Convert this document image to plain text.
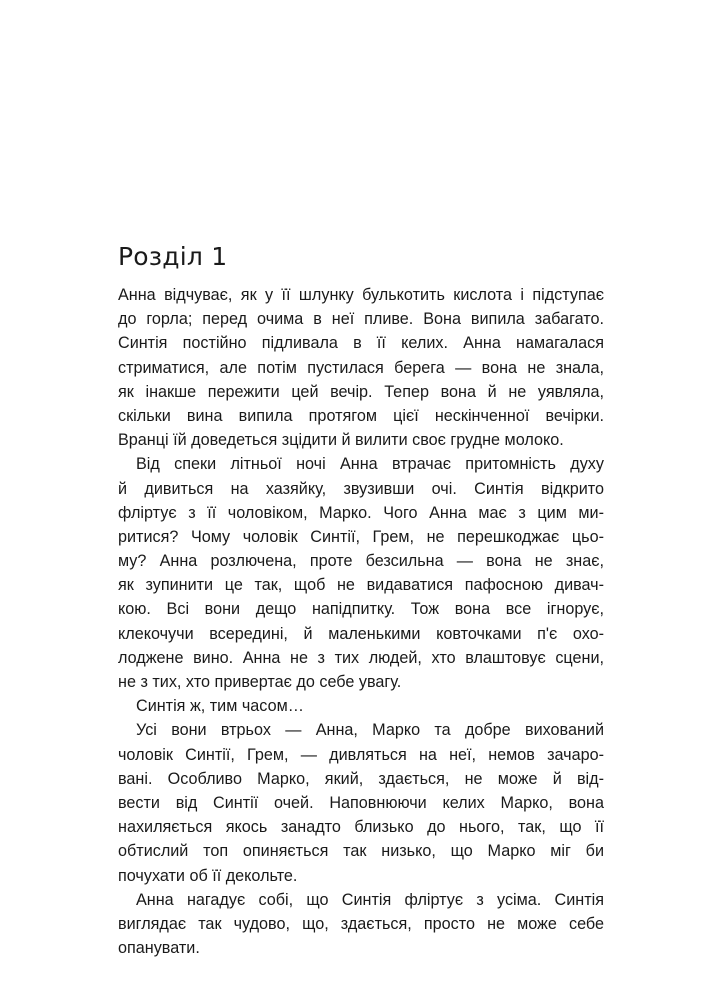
Розділ 1
Анна відчуває, як у її шлунку булькотить кислота і підступає
до горла; перед очима в неї пливе. Вона випила забагато.
Синтія постійно підливала в її келих. Анна намагалася
стриматися, але потім пустилася берега — вона не знала,
як інакше пережити цей вечір. Тепер вона й не уявляла,
скільки вина випила протягом цієї нескінченної вечірки.
Вранці їй доведеться зцідити й вилити своє грудне молоко.
Від спеки літньої ночі Анна втрачає притомність духу
й дивиться на хазяйку, звузивши очі. Синтія відкрито
фліртує з її чоловіком, Марко. Чого Анна має з цим ми-
ритися? Чому чоловік Синтії, Грем, не перешкоджає цьо-
му? Анна розлючена, проте безсильна — вона не знає,
як зупинити це так, щоб не видаватися пафосною дивач-
кою. Всі вони дещо напідпитку. Тож вона все ігнорує,
клекочучи всередині, й маленькими ковточками п'є охо-
лоджене вино. Анна не з тих людей, хто влаштовує сцени,
не з тих, хто привертає до себе увагу.
Синтія ж, тим часом…
Усі вони втрьох — Анна, Марко та добре вихований
чоловік Синтії, Грем, — дивляться на неї, немов зачаро-
вані. Особливо Марко, який, здається, не може й від-
вести від Синтії очей. Наповнюючи келих Марко, вона
нахиляється якось занадто близько до нього, так, що її
обтислий топ опиняється так низько, що Марко міг би
почухати об її декольте.
Анна нагадує собі, що Синтія фліртує з усіма. Синтія
виглядає так чудово, що, здається, просто не може себе
опанувати.
